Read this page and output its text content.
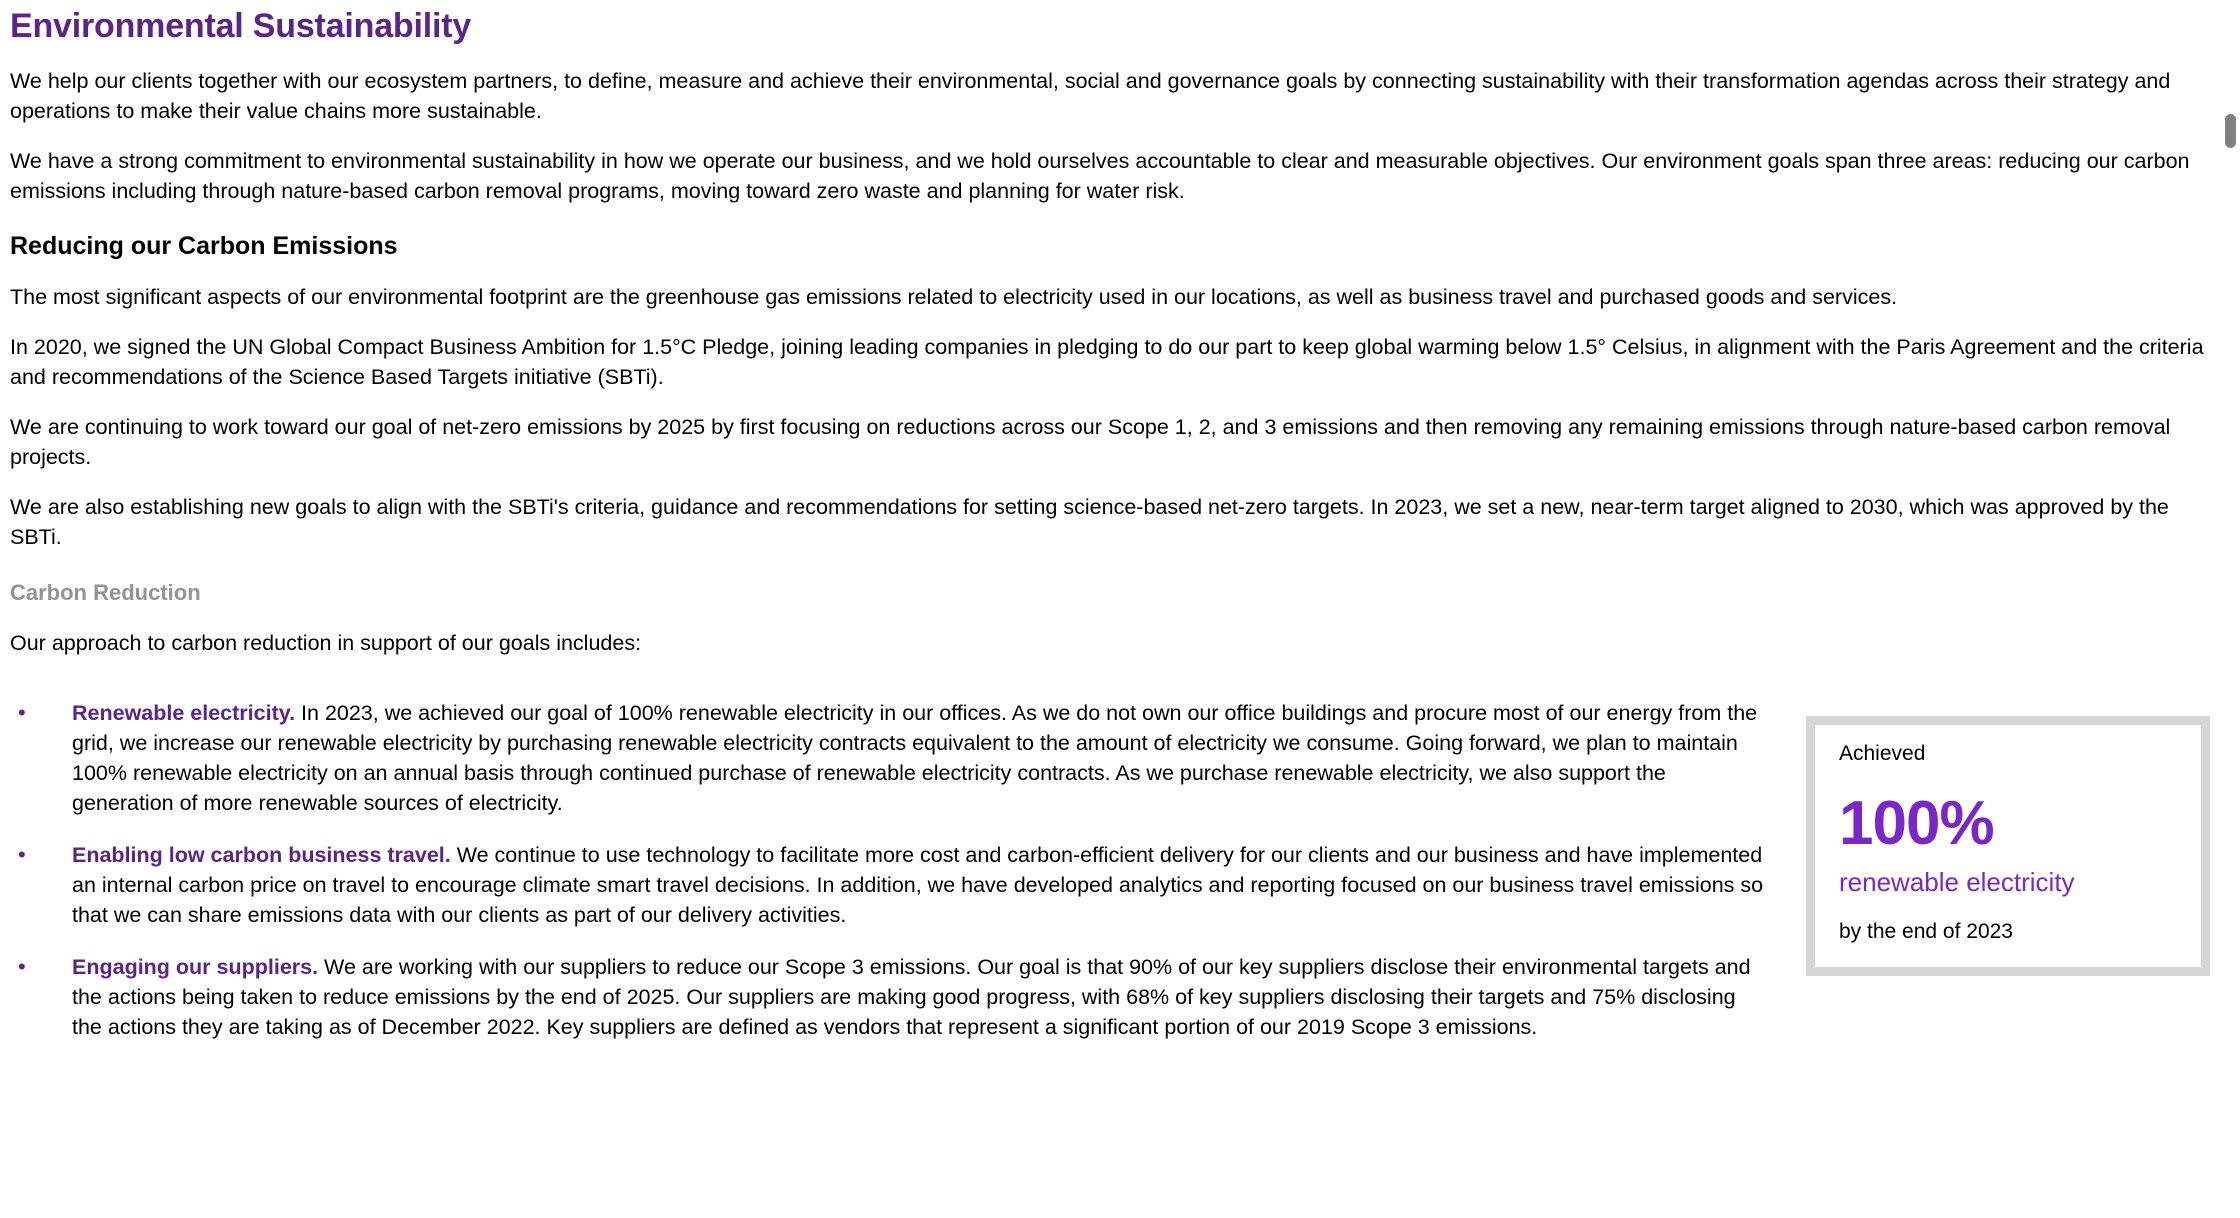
Environmental Sustainability

We help our clients together with our ecosystem partners, to define, measure and achieve their environmental, social and governance goals by connecting sustainability with their transformation agendas across their strategy and operations to make their value chains more sustainable.

We have a strong commitment to environmental sustainability in how we operate our business, and we hold ourselves accountable to clear and measurable objectives. Our environment goals span three areas: reducing our carbon emissions including through nature-based carbon removal programs, moving toward zero waste and planning for water risk.

Reducing our Carbon Emissions

The most significant aspects of our environmental footprint are the greenhouse gas emissions related to electricity used in our locations, as well as business travel and purchased goods and services.

In 2020, we signed the UN Global Compact Business Ambition for 1.5°C Pledge, joining leading companies in pledging to do our part to keep global warming below 1.5° Celsius, in alignment with the Paris Agreement and the criteria and recommendations of the Science Based Targets initiative (SBTi).

We are continuing to work toward our goal of net-zero emissions by 2025 by first focusing on reductions across our Scope 1, 2, and 3 emissions and then removing any remaining emissions through nature-based carbon removal projects.

We are also establishing new goals to align with the SBTi's criteria, guidance and recommendations for setting science-based net-zero targets. In 2023, we set a new, near-term target aligned to 2030, which was approved by the SBTi.

Carbon Reduction

Our approach to carbon reduction in support of our goals includes:

Achieved

100%

renewable electricity

by the end of 2023

• Renewable electricity. In 2023, we achieved our goal of 100% renewable electricity in our offices. As we do not own our office buildings and procure most of our energy from the grid, we increase our renewable electricity by purchasing renewable electricity contracts equivalent to the amount of electricity we consume. Going forward, we plan to maintain 100% renewable electricity on an annual basis through continued purchase of renewable electricity contracts. As we purchase renewable electricity, we also support the generation of more renewable sources of electricity.
• Enabling low carbon business travel. We continue to use technology to facilitate more cost and carbon-efficient delivery for our clients and our business and have implemented an internal carbon price on travel to encourage climate smart travel decisions. In addition, we have developed analytics and reporting focused on our business travel emissions so that we can share emissions data with our clients as part of our delivery activities.
• Engaging our suppliers. We are working with our suppliers to reduce our Scope 3 emissions. Our goal is that 90% of our key suppliers disclose their environmental targets and the actions being taken to reduce emissions by the end of 2025. Our suppliers are making good progress, with 68% of key suppliers disclosing their targets and 75% disclosing the actions they are taking as of December 2022. Key suppliers are defined as vendors that represent a significant portion of our 2019 Scope 3 emissions.
